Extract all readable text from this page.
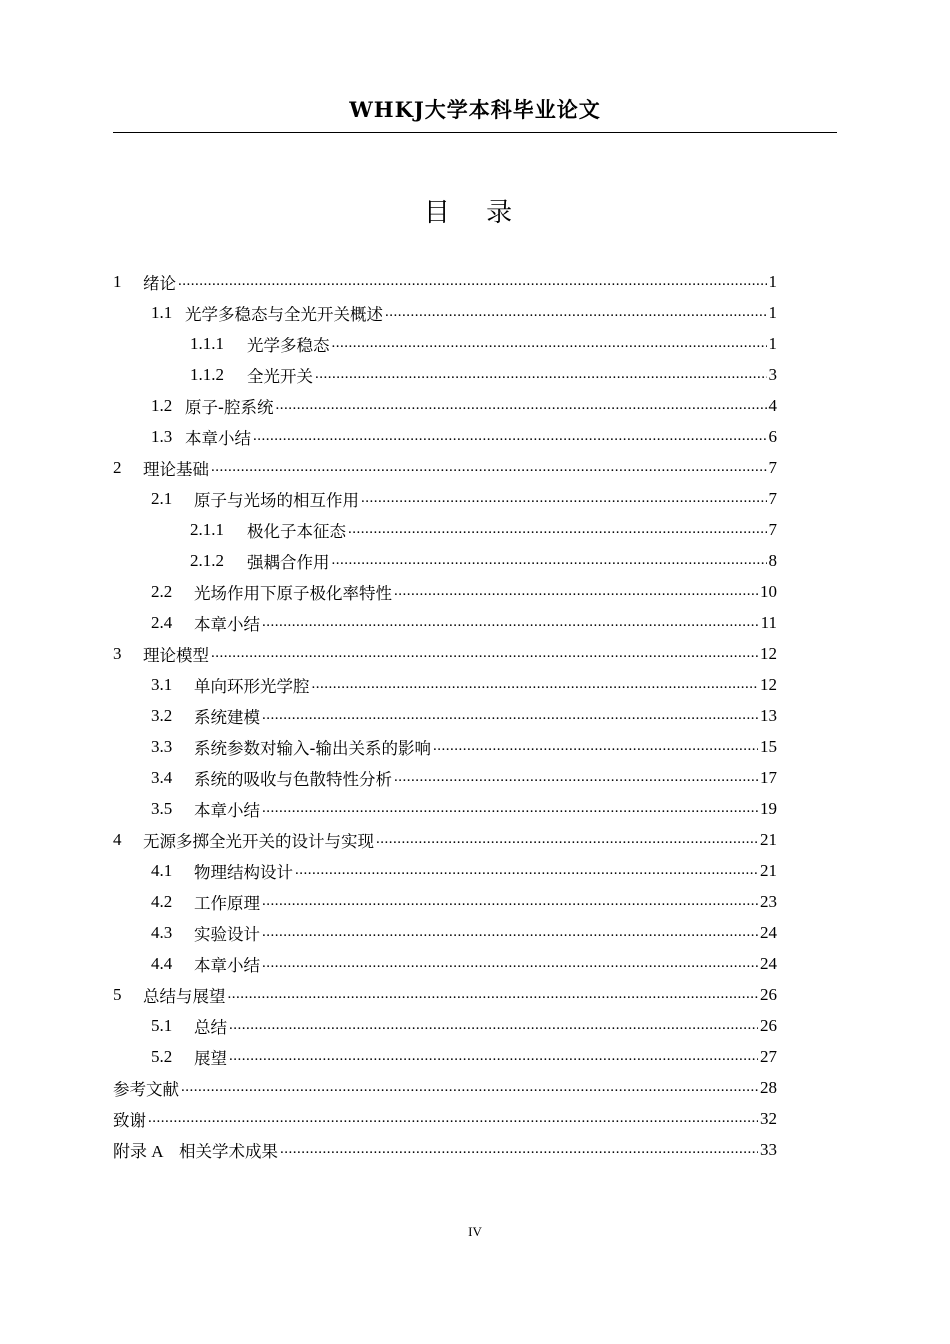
WHKJ大学本科毕业论文
目 录
1	绪论 .....	1
1.1 光学多稳态与全光开关概述 .....	1
1.1.1	光学多稳态 .....	1
1.1.2	全光开关 .....	3
1.2 原子-腔系统 .....	4
1.3 本章小结 .....	6
2	理论基础 .....	7
2.1	原子与光场的相互作用 .....	7
2.1.1	极化子本征态 .....	7
2.1.2	强耦合作用 .....	8
2.2	光场作用下原子极化率特性 .....	10
2.4	本章小结 .....	11
3	理论模型 .....	12
3.1	单向环形光学腔 .....	12
3.2	系统建模 .....	13
3.3	系统参数对输入-输出关系的影响 .....	15
3.4	系统的吸收与色散特性分析 .....	17
3.5	本章小结 .....	19
4	无源多掷全光开关的设计与实现 .....	21
4.1	物理结构设计 .....	21
4.2	工作原理 .....	23
4.3	实验设计 .....	24
4.4	本章小结 .....	24
5	总结与展望 .....	26
5.1	总结 .....	26
5.2	展望 .....	27
参考文献 .....	28
致谢 .....	32
附录 A 相关学术成果 .....	33
IV
